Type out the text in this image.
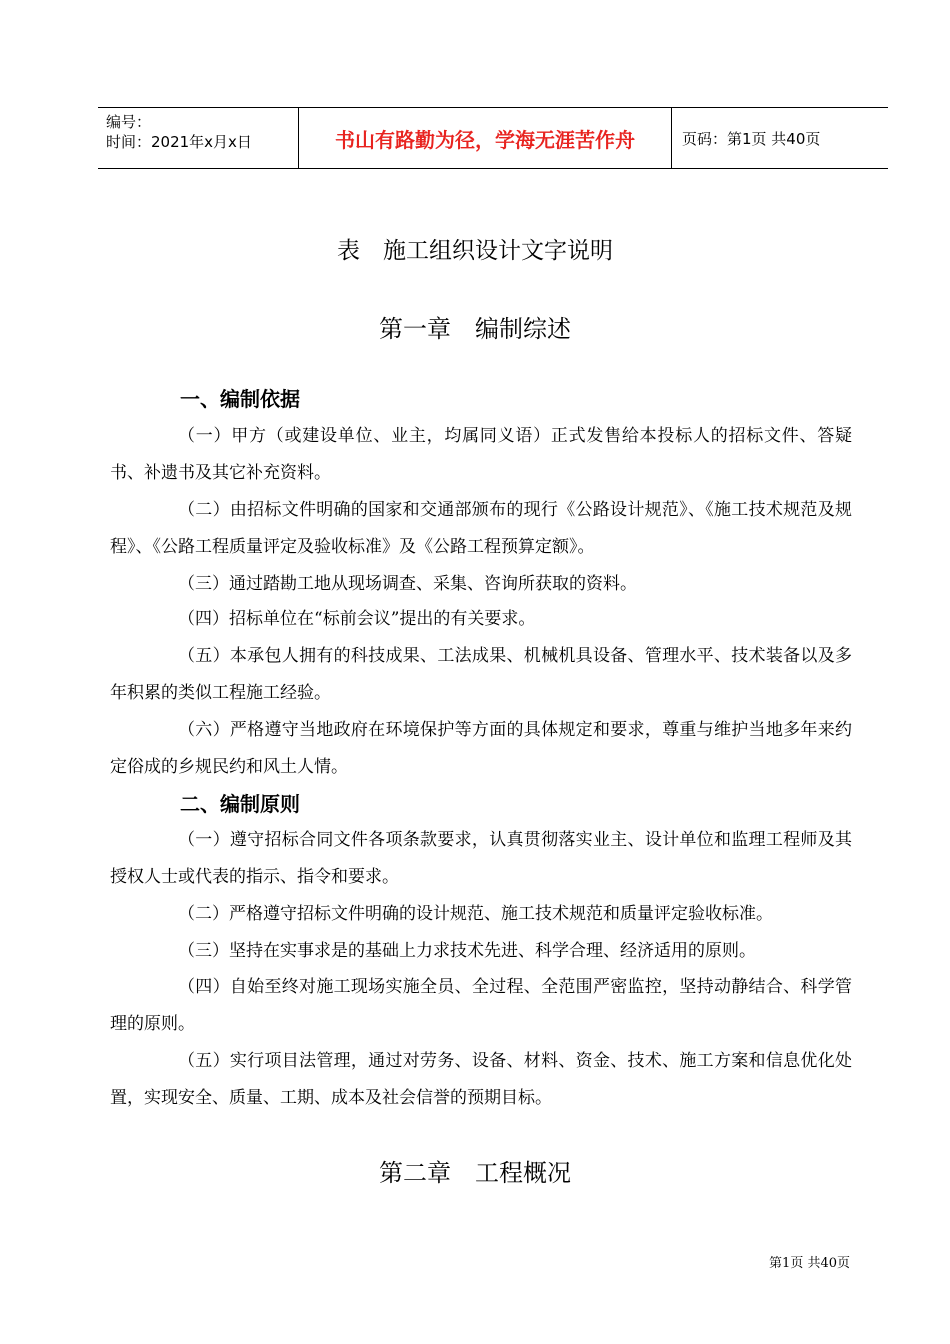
编号：
时间：2021年x月x日	书山有路勤为径，学海无涯苦作舟	页码：第1页 共40页
表　施工组织设计文字说明
第一章　编制综述
一、编制依据
（一）甲方（或建设单位、业主，均属同义语）正式发售给本投标人的招标文件、答疑书、补遗书及其它补充资料。
（二）由招标文件明确的国家和交通部颁布的现行《公路设计规范》、《施工技术规范及规程》、《公路工程质量评定及验收标准》及《公路工程预算定额》。
（三）通过踏勘工地从现场调查、采集、咨询所获取的资料。
（四）招标单位在“标前会议”提出的有关要求。
（五）本承包人拥有的科技成果、工法成果、机械机具设备、管理水平、技术装备以及多年积累的类似工程施工经验。
（六）严格遵守当地政府在环境保护等方面的具体规定和要求，尊重与维护当地多年来约定俗成的乡规民约和风土人情。
二、编制原则
（一）遵守招标合同文件各项条款要求，认真贯彻落实业主、设计单位和监理工程师及其授权人士或代表的指示、指令和要求。
（二）严格遵守招标文件明确的设计规范、施工技术规范和质量评定验收标准。
（三）坚持在实事求是的基础上力求技术先进、科学合理、经济适用的原则。
（四）自始至终对施工现场实施全员、全过程、全范围严密监控，坚持动静结合、科学管理的原则。
（五）实行项目法管理，通过对劳务、设备、材料、资金、技术、施工方案和信息优化处置，实现安全、质量、工期、成本及社会信誉的预期目标。
第二章　工程概况
第1页 共40页
